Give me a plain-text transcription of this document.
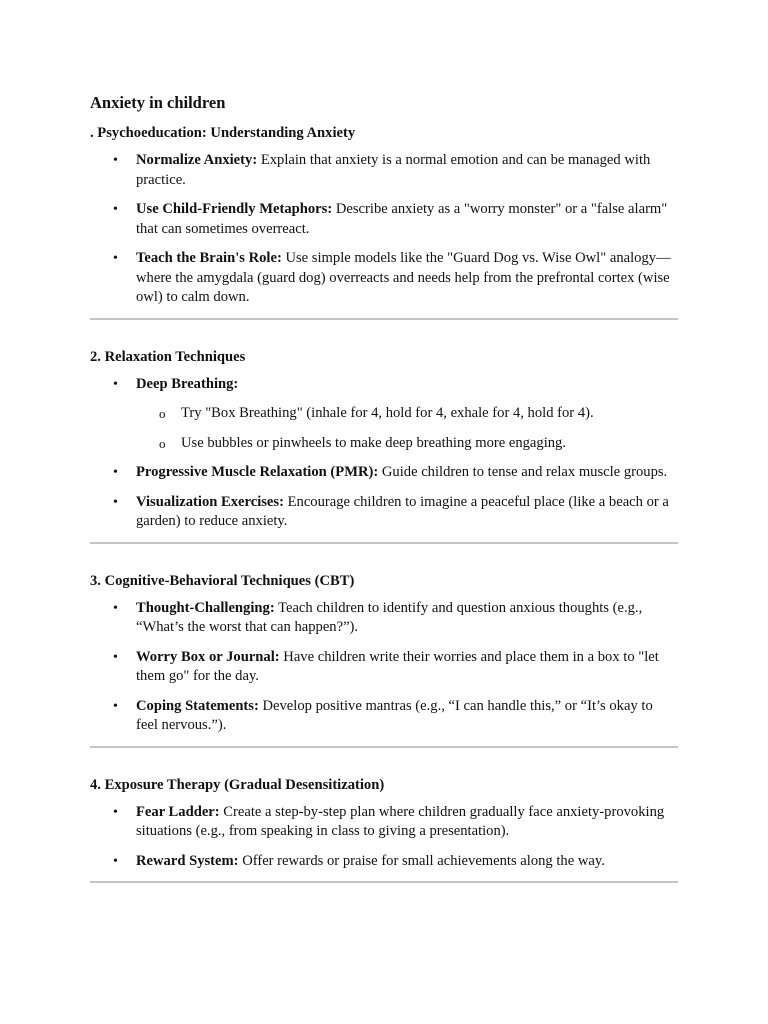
Anxiety in children
. Psychoeducation: Understanding Anxiety
• Normalize Anxiety: Explain that anxiety is a normal emotion and can be managed with practice.
• Use Child-Friendly Metaphors: Describe anxiety as a "worry monster" or a "false alarm" that can sometimes overreact.
• Teach the Brain's Role: Use simple models like the "Guard Dog vs. Wise Owl" analogy—where the amygdala (guard dog) overreacts and needs help from the prefrontal cortex (wise owl) to calm down.
2. Relaxation Techniques
• Deep Breathing:
o Try "Box Breathing" (inhale for 4, hold for 4, exhale for 4, hold for 4).
o Use bubbles or pinwheels to make deep breathing more engaging.
• Progressive Muscle Relaxation (PMR): Guide children to tense and relax muscle groups.
• Visualization Exercises: Encourage children to imagine a peaceful place (like a beach or a garden) to reduce anxiety.
3. Cognitive-Behavioral Techniques (CBT)
• Thought-Challenging: Teach children to identify and question anxious thoughts (e.g., “What’s the worst that can happen?”).
• Worry Box or Journal: Have children write their worries and place them in a box to "let them go" for the day.
• Coping Statements: Develop positive mantras (e.g., “I can handle this,” or “It’s okay to feel nervous.”).
4. Exposure Therapy (Gradual Desensitization)
• Fear Ladder: Create a step-by-step plan where children gradually face anxiety-provoking situations (e.g., from speaking in class to giving a presentation).
• Reward System: Offer rewards or praise for small achievements along the way.
